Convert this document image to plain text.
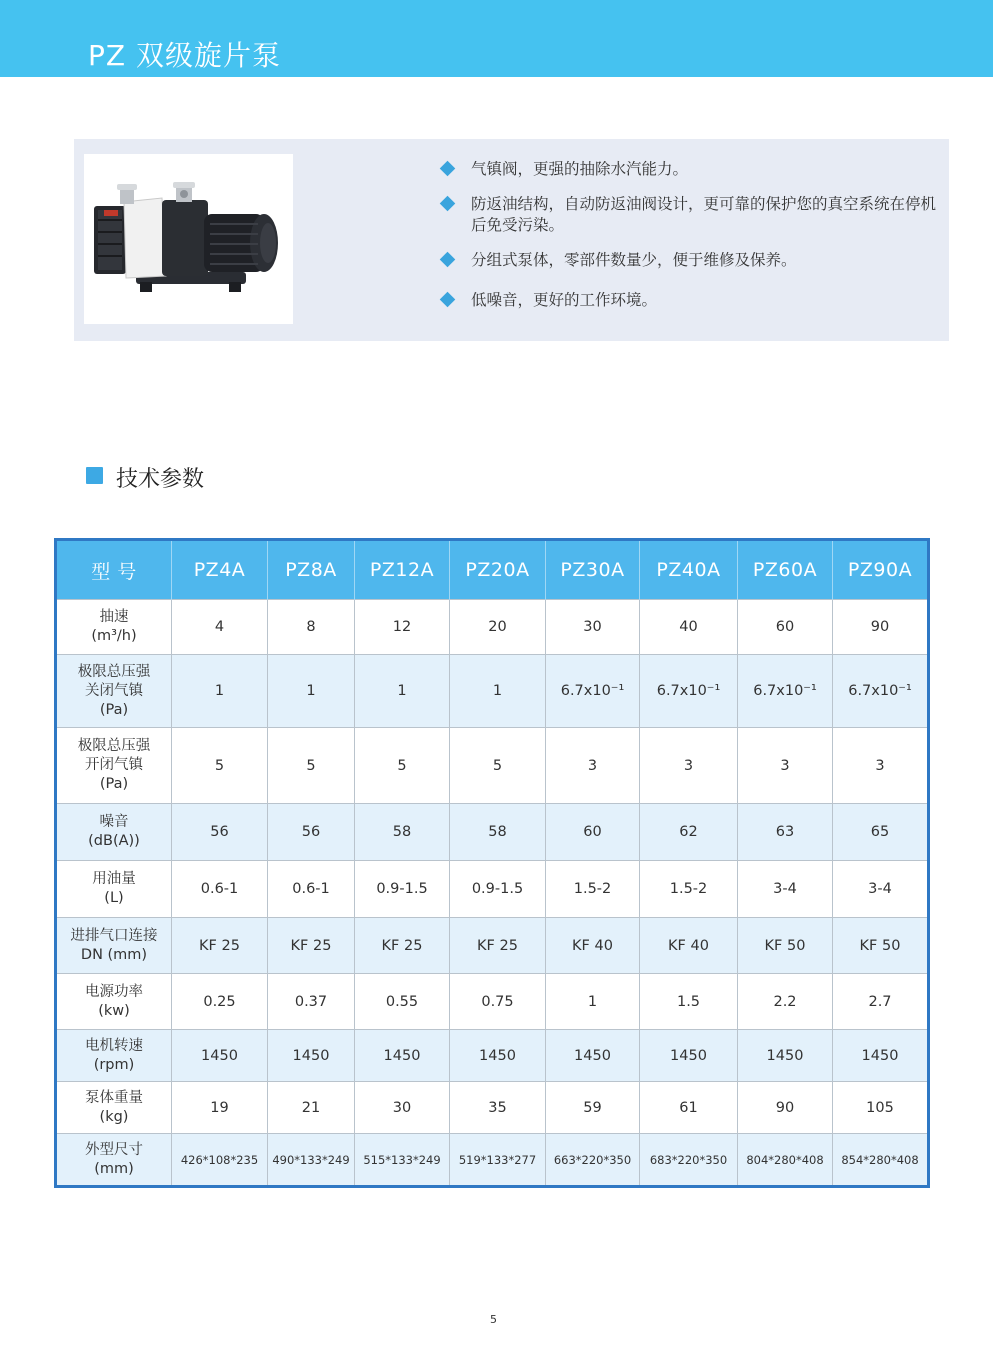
PZ 双级旋片泵
气镇阀，更强的抽除水汽能力。
防返油结构，自动防返油阀设计，更可靠的保护您的真空系统在停机后免受污染。
分组式泵体，零部件数量少，便于维修及保养。
低噪音，更好的工作环境。
技术参数
型 号	PZ4A	PZ8A	PZ12A	PZ20A	PZ30A	PZ40A	PZ60A	PZ90A

抽速
(m³/h)	4	8	12	20	30	40	60	90

极限总压强
关闭气镇
(Pa)	1	1	1	1	6.7x10⁻¹	6.7x10⁻¹	6.7x10⁻¹	6.7x10⁻¹

极限总压强
开闭气镇
(Pa)	5	5	5	5	3	3	3	3

噪音
(dB(A))	56	56	58	58	60	62	63	65

用油量
(L)	0.6-1	0.6-1	0.9-1.5	0.9-1.5	1.5-2	1.5-2	3-4	3-4

进排气口连接
DN (mm)	KF 25	KF 25	KF 25	KF 25	KF 40	KF 40	KF 50	KF 50

电源功率
(kw)	0.25	0.37	0.55	0.75	1	1.5	2.2	2.7

电机转速
(rpm)	1450	1450	1450	1450	1450	1450	1450	1450

泵体重量
(kg)	19	21	30	35	59	61	90	105

外型尺寸
(mm)	426*108*235	490*133*249	515*133*249	519*133*277	663*220*350	683*220*350	804*280*408	854*280*408
5
